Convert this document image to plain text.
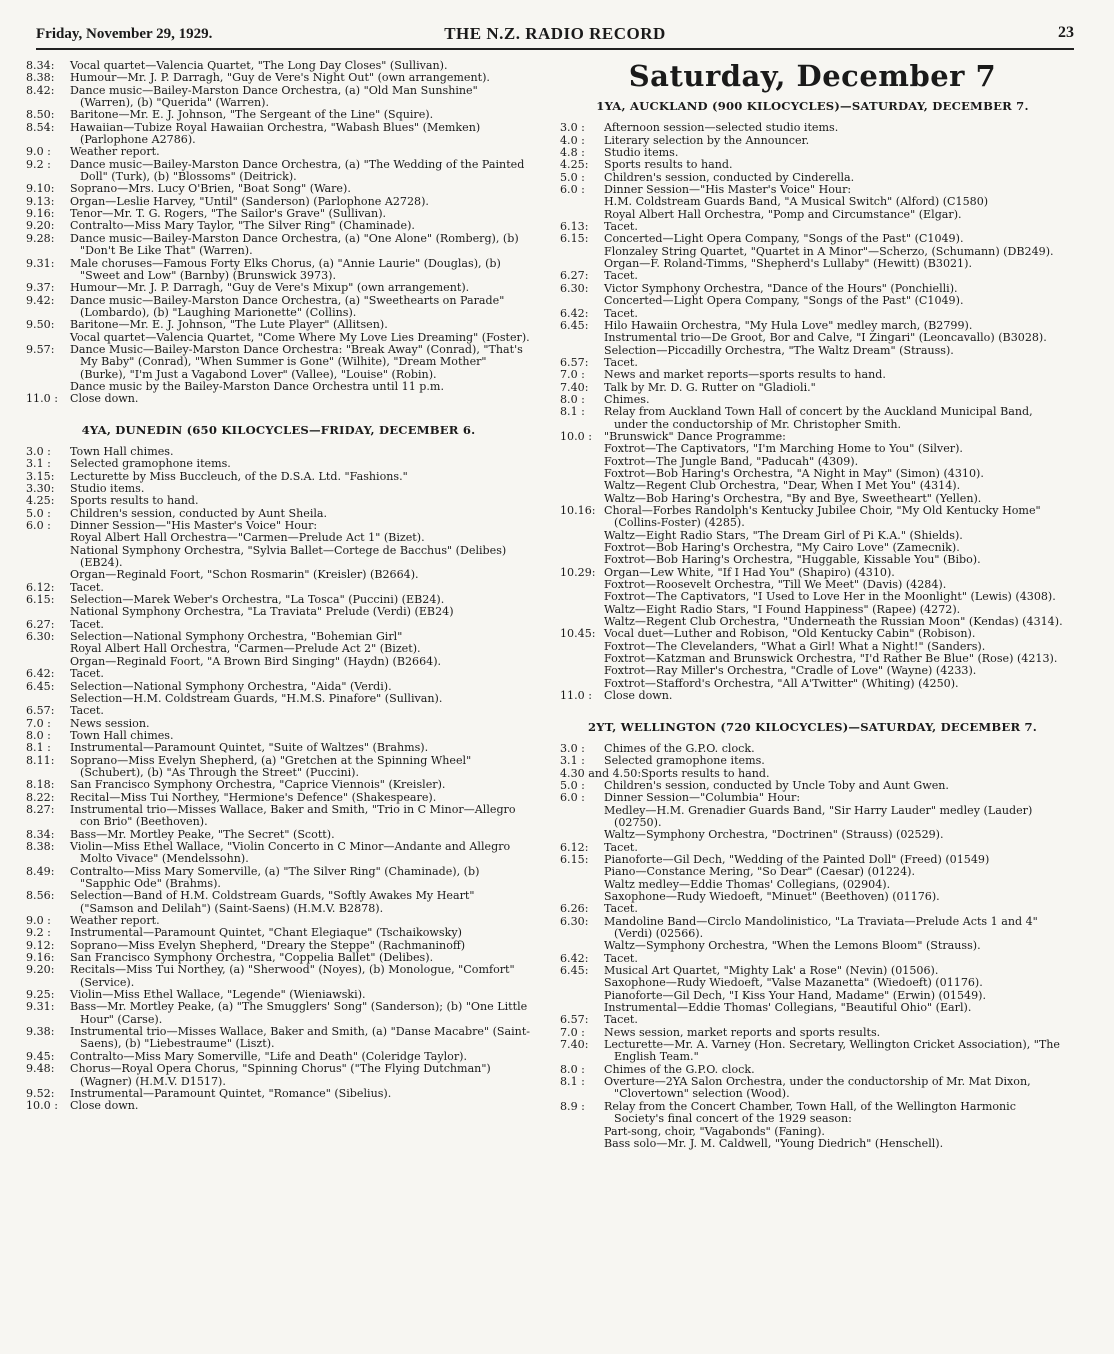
Friday, November 29, 1929.	THE N.Z. RADIO RECORD	23
8.34:	Vocal quartet—Valencia Quartet, "The Long Day Closes" (Sullivan).
8.38:	Humour—Mr. J. P. Darragh, "Guy de Vere's Night Out" (own arrangement).
8.42:	Dance music—Bailey-Marston Dance Orchestra, (a) "Old Man Sunshine" (Warren), (b) "Querida" (Warren).
8.50:	Baritone—Mr. E. J. Johnson, "The Sergeant of the Line" (Squire).
8.54:	Hawaiian—Tubize Royal Hawaiian Orchestra, "Wabash Blues" (Memken) (Parlophone A2786).
9.0 :	Weather report.
9.2 :	Dance music—Bailey-Marston Dance Orchestra, (a) "The Wedding of the Painted Doll" (Turk), (b) "Blossoms" (Deitrick).
9.10:	Soprano—Mrs. Lucy O'Brien, "Boat Song" (Ware).
9.13:	Organ—Leslie Harvey, "Until" (Sanderson) (Parlophone A2728).
9.16:	Tenor—Mr. T. G. Rogers, "The Sailor's Grave" (Sullivan).
9.20:	Contralto—Miss Mary Taylor, "The Silver Ring" (Chaminade).
9.28:	Dance music—Bailey-Marston Dance Orchestra, (a) "One Alone" (Romberg), (b) "Don't Be Like That" (Warren).
9.31:	Male choruses—Famous Forty Elks Chorus, (a) "Annie Laurie" (Douglas), (b) "Sweet and Low" (Barnby) (Brunswick 3973).
9.37:	Humour—Mr. J. P. Darragh, "Guy de Vere's Mixup" (own arrangement).
9.42:	Dance music—Bailey-Marston Dance Orchestra, (a) "Sweethearts on Parade" (Lombardo), (b) "Laughing Marionette" (Collins).
9.50:	Baritone—Mr. E. J. Johnson, "The Lute Player" (Allitsen).
Vocal quartet—Valencia Quartet, "Come Where My Love Lies Dreaming" (Foster).
9.57:	Dance Music—Bailey-Marston Dance Orchestra: "Break Away" (Conrad), "That's My Baby" (Conrad), "When Summer is Gone" (Wilhite), "Dream Mother" (Burke), "I'm Just a Vagabond Lover" (Vallee), "Louise" (Robin).
Dance music by the Bailey-Marston Dance Orchestra until 11 p.m.
11.0 :	Close down.
4YA, DUNEDIN (650 KILOCYCLES—FRIDAY, DECEMBER 6.
3.0 :	Town Hall chimes.
3.1 :	Selected gramophone items.
3.15:	Lecturette by Miss Buccleuch, of the D.S.A. Ltd. "Fashions."
3.30:	Studio items.
4.25:	Sports results to hand.
5.0 :	Children's session, conducted by Aunt Sheila.
6.0 :	Dinner Session—"His Master's Voice" Hour:
Royal Albert Hall Orchestra—"Carmen—Prelude Act 1" (Bizet).
National Symphony Orchestra, "Sylvia Ballet—Cortege de Bacchus" (Delibes) (EB24).
Organ—Reginald Foort, "Schon Rosmarin" (Kreisler) (B2664).
6.12:	Tacet.
6.15:	Selection—Marek Weber's Orchestra, "La Tosca" (Puccini) (EB24).
National Symphony Orchestra, "La Traviata" Prelude (Verdi) (EB24)
6.27:	Tacet.
6.30:	Selection—National Symphony Orchestra, "Bohemian Girl"
Royal Albert Hall Orchestra, "Carmen—Prelude Act 2" (Bizet).
Organ—Reginald Foort, "A Brown Bird Singing" (Haydn) (B2664).
6.42:	Tacet.
6.45:	Selection—National Symphony Orchestra, "Aida" (Verdi).
Selection—H.M. Coldstream Guards, "H.M.S. Pinafore" (Sullivan).
6.57:	Tacet.
7.0 :	News session.
8.0 :	Town Hall chimes.
8.1 :	Instrumental—Paramount Quintet, "Suite of Waltzes" (Brahms).
8.11:	Soprano—Miss Evelyn Shepherd, (a) "Gretchen at the Spinning Wheel" (Schubert), (b) "As Through the Street" (Puccini).
8.18:	San Francisco Symphony Orchestra, "Caprice Viennois" (Kreisler).
8.22:	Recital—Miss Tui Northey, "Hermione's Defence" (Shakespeare).
8.27:	Instrumental trio—Misses Wallace, Baker and Smith, "Trio in C Minor—Allegro con Brio" (Beethoven).
8.34:	Bass—Mr. Mortley Peake, "The Secret" (Scott).
8.38:	Violin—Miss Ethel Wallace, "Violin Concerto in C Minor—Andante and Allegro Molto Vivace" (Mendelssohn).
8.49:	Contralto—Miss Mary Somerville, (a) "The Silver Ring" (Chaminade), (b) "Sapphic Ode" (Brahms).
8.56:	Selection—Band of H.M. Coldstream Guards, "Softly Awakes My Heart" ("Samson and Delilah") (Saint-Saens) (H.M.V. B2878).
9.0 :	Weather report.
9.2 :	Instrumental—Paramount Quintet, "Chant Elegiaque" (Tschaikowsky)
9.12:	Soprano—Miss Evelyn Shepherd, "Dreary the Steppe" (Rachmaninoff)
9.16:	San Francisco Symphony Orchestra, "Coppelia Ballet" (Delibes).
9.20:	Recitals—Miss Tui Northey, (a) "Sherwood" (Noyes), (b) Monologue, "Comfort" (Service).
9.25:	Violin—Miss Ethel Wallace, "Legende" (Wieniawski).
9.31:	Bass—Mr. Mortley Peake, (a) "The Smugglers' Song" (Sanderson); (b) "One Little Hour" (Carse).
9.38:	Instrumental trio—Misses Wallace, Baker and Smith, (a) "Danse Macabre" (Saint-Saens), (b) "Liebestraume" (Liszt).
9.45:	Contralto—Miss Mary Somerville, "Life and Death" (Coleridge Taylor).
9.48:	Chorus—Royal Opera Chorus, "Spinning Chorus" ("The Flying Dutchman") (Wagner) (H.M.V. D1517).
9.52:	Instrumental—Paramount Quintet, "Romance" (Sibelius).
10.0 :	Close down.
Saturday, December 7
1YA, AUCKLAND (900 KILOCYCLES)—SATURDAY, DECEMBER 7.
3.0 :	Afternoon session—selected studio items.
4.0 :	Literary selection by the Announcer.
4.8 :	Studio items.
4.25:	Sports results to hand.
5.0 :	Children's session, conducted by Cinderella.
6.0 :	Dinner Session—"His Master's Voice" Hour:
H.M. Coldstream Guards Band, "A Musical Switch" (Alford) (C1580)
Royal Albert Hall Orchestra, "Pomp and Circumstance" (Elgar).
6.13:	Tacet.
6.15:	Concerted—Light Opera Company, "Songs of the Past" (C1049).
Flonzaley String Quartet, "Quartet in A Minor"—Scherzo, (Schumann) (DB249).
Organ—F. Roland-Timms, "Shepherd's Lullaby" (Hewitt) (B3021).
6.27:	Tacet.
6.30:	Victor Symphony Orchestra, "Dance of the Hours" (Ponchielli).
Concerted—Light Opera Company, "Songs of the Past" (C1049).
6.42:	Tacet.
6.45:	Hilo Hawaiin Orchestra, "My Hula Love" medley march, (B2799).
Instrumental trio—De Groot, Bor and Calve, "I Zingari" (Leoncavallo) (B3028).
Selection—Piccadilly Orchestra, "The Waltz Dream" (Strauss).
6.57:	Tacet.
7.0 :	News and market reports—sports results to hand.
7.40:	Talk by Mr. D. G. Rutter on "Gladioli."
8.0 :	Chimes.
8.1 :	Relay from Auckland Town Hall of concert by the Auckland Municipal Band, under the conductorship of Mr. Christopher Smith.
10.0 :	"Brunswick" Dance Programme:
Foxtrot—The Captivators, "I'm Marching Home to You" (Silver).
Foxtrot—The Jungle Band, "Paducah" (4309).
Foxtrot—Bob Haring's Orchestra, "A Night in May" (Simon) (4310).
Waltz—Regent Club Orchestra, "Dear, When I Met You" (4314).
Waltz—Bob Haring's Orchestra, "By and Bye, Sweetheart" (Yellen).
10.16: Choral—Forbes Randolph's Kentucky Jubilee Choir, "My Old Kentucky Home" (Collins-Foster) (4285).
Waltz—Eight Radio Stars, "The Dream Girl of Pi K.A." (Shields).
Foxtrot—Bob Haring's Orchestra, "My Cairo Love" (Zamecnik).
Foxtrot—Bob Haring's Orchestra, "Huggable, Kissable You" (Bibo).
10.29: Organ—Lew White, "If I Had You" (Shapiro) (4310).
Foxtrot—Roosevelt Orchestra, "Till We Meet" (Davis) (4284).
Foxtrot—The Captivators, "I Used to Love Her in the Moonlight" (Lewis) (4308).
Waltz—Eight Radio Stars, "I Found Happiness" (Rapee) (4272).
Waltz—Regent Club Orchestra, "Underneath the Russian Moon" (Kendas) (4314).
10.45: Vocal duet—Luther and Robison, "Old Kentucky Cabin" (Robison).
Foxtrot—The Clevelanders, "What a Girl! What a Night!" (Sanders).
Foxtrot—Katzman and Brunswick Orchestra, "I'd Rather Be Blue" (Rose) (4213).
Foxtrot—Ray Miller's Orchestra, "Cradle of Love" (Wayne) (4233).
Foxtrot—Stafford's Orchestra, "All A'Twitter" (Whiting) (4250).
11.0 :	Close down.
2YT, WELLINGTON (720 KILOCYCLES)—SATURDAY, DECEMBER 7.
3.0 :	Chimes of the G.P.O. clock.
3.1 :	Selected gramophone items.
4.30 and 4.50: Sports results to hand.
5.0 :	Children's session, conducted by Uncle Toby and Aunt Gwen.
6.0 :	Dinner Session—"Columbia" Hour:
Medley—H.M. Grenadier Guards Band, "Sir Harry Lauder" medley (Lauder) (02750).
Waltz—Symphony Orchestra, "Doctrinen" (Strauss) (02529).
6.12:	Tacet.
6.15:	Pianoforte—Gil Dech, "Wedding of the Painted Doll" (Freed) (01549)
Piano—Constance Mering, "So Dear" (Caesar) (01224).
Waltz medley—Eddie Thomas' Collegians, (02904).
Saxophone—Rudy Wiedoeft, "Minuet" (Beethoven) (01176).
6.26:	Tacet.
6.30:	Mandoline Band—Circlo Mandolinistico, "La Traviata—Prelude Acts 1 and 4" (Verdi) (02566).
Waltz—Symphony Orchestra, "When the Lemons Bloom" (Strauss).
6.42:	Tacet.
6.45:	Musical Art Quartet, "Mighty Lak' a Rose" (Nevin) (01506).
Saxophone—Rudy Wiedoeft, "Valse Mazanetta" (Wiedoeft) (01176).
Pianoforte—Gil Dech, "I Kiss Your Hand, Madame" (Erwin) (01549).
Instrumental—Eddie Thomas' Collegians, "Beautiful Ohio" (Earl).
6.57:	Tacet.
7.0 :	News session, market reports and sports results.
7.40:	Lecturette—Mr. A. Varney (Hon. Secretary, Wellington Cricket Association), "The English Team."
8.0 :	Chimes of the G.P.O. clock.
8.1 :	Overture—2YA Salon Orchestra, under the conductorship of Mr. Mat Dixon, "Clovertown" selection (Wood).
8.9 :	Relay from the Concert Chamber, Town Hall, of the Wellington Harmonic Society's final concert of the 1929 season:
Part-song, choir, "Vagabonds" (Faning).
Bass solo—Mr. J. M. Caldwell, "Young Diedrich" (Henschell).
